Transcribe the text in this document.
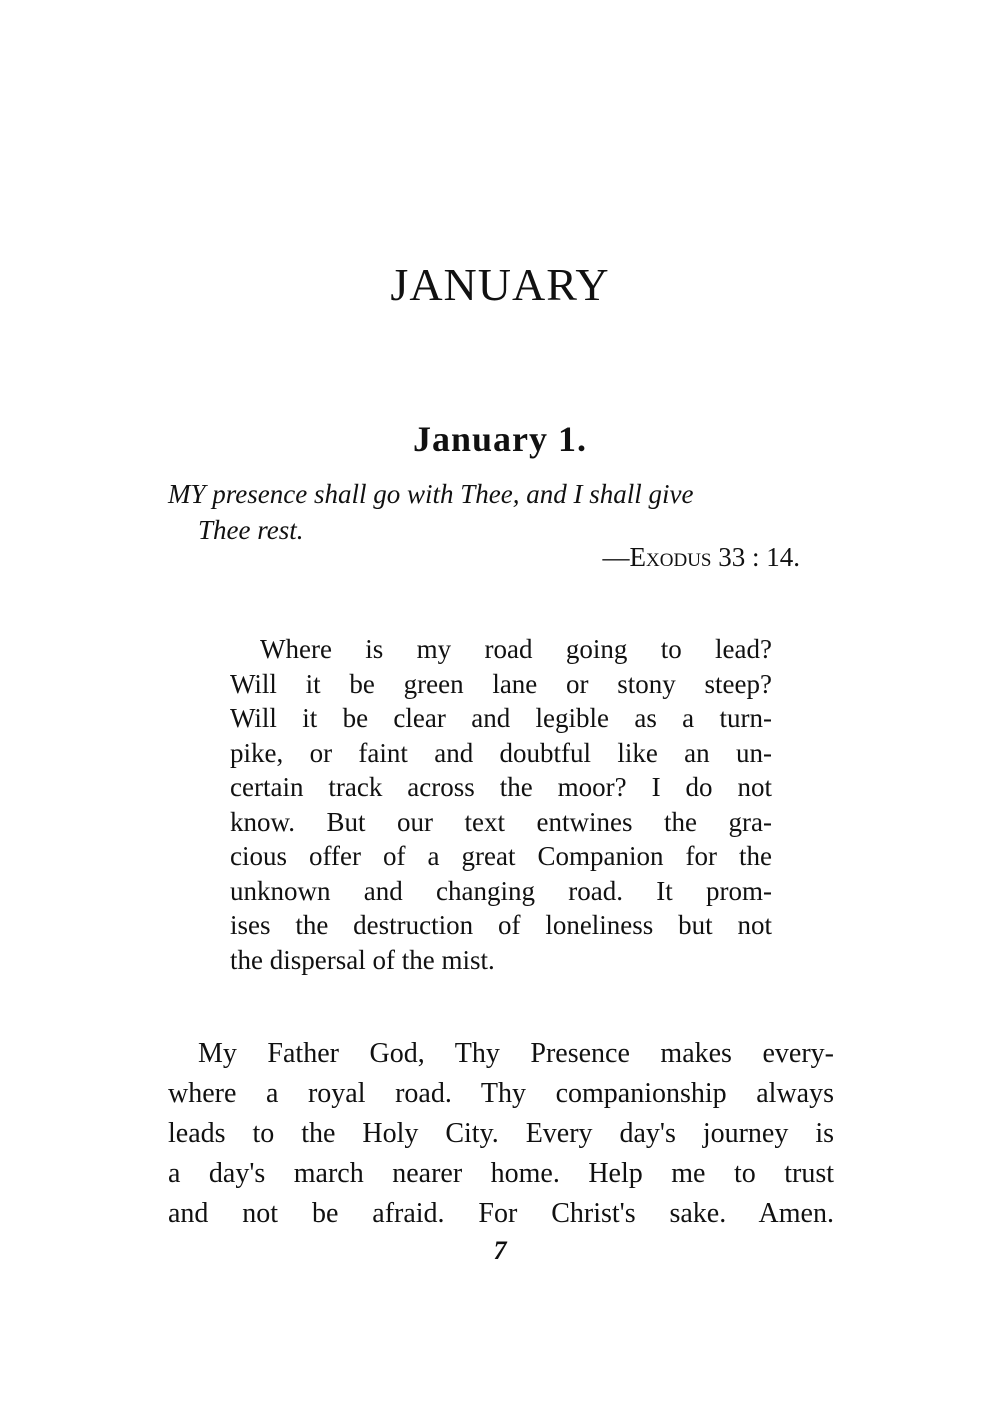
JANUARY
January 1.

MY presence shall go with Thee, and I shall give
Thee rest.

—Exodus 33 : 14.

Where is my road going to lead?
Will it be green lane or stony steep?
Will it be clear and legible as a turn-
pike, or faint and doubtful like an un-
certain track across the moor? I do not
know. But our text entwines the gra-
cious offer of a great Companion for the
unknown and changing road. It prom-
ises the destruction of loneliness but not
the dispersal of the mist.
My Father God, Thy Presence makes every-
where a royal road. Thy companionship always
leads to the Holy City. Every day's journey is
a day's march nearer home. Help me to trust
and not be afraid. For Christ's sake. Amen.

7
